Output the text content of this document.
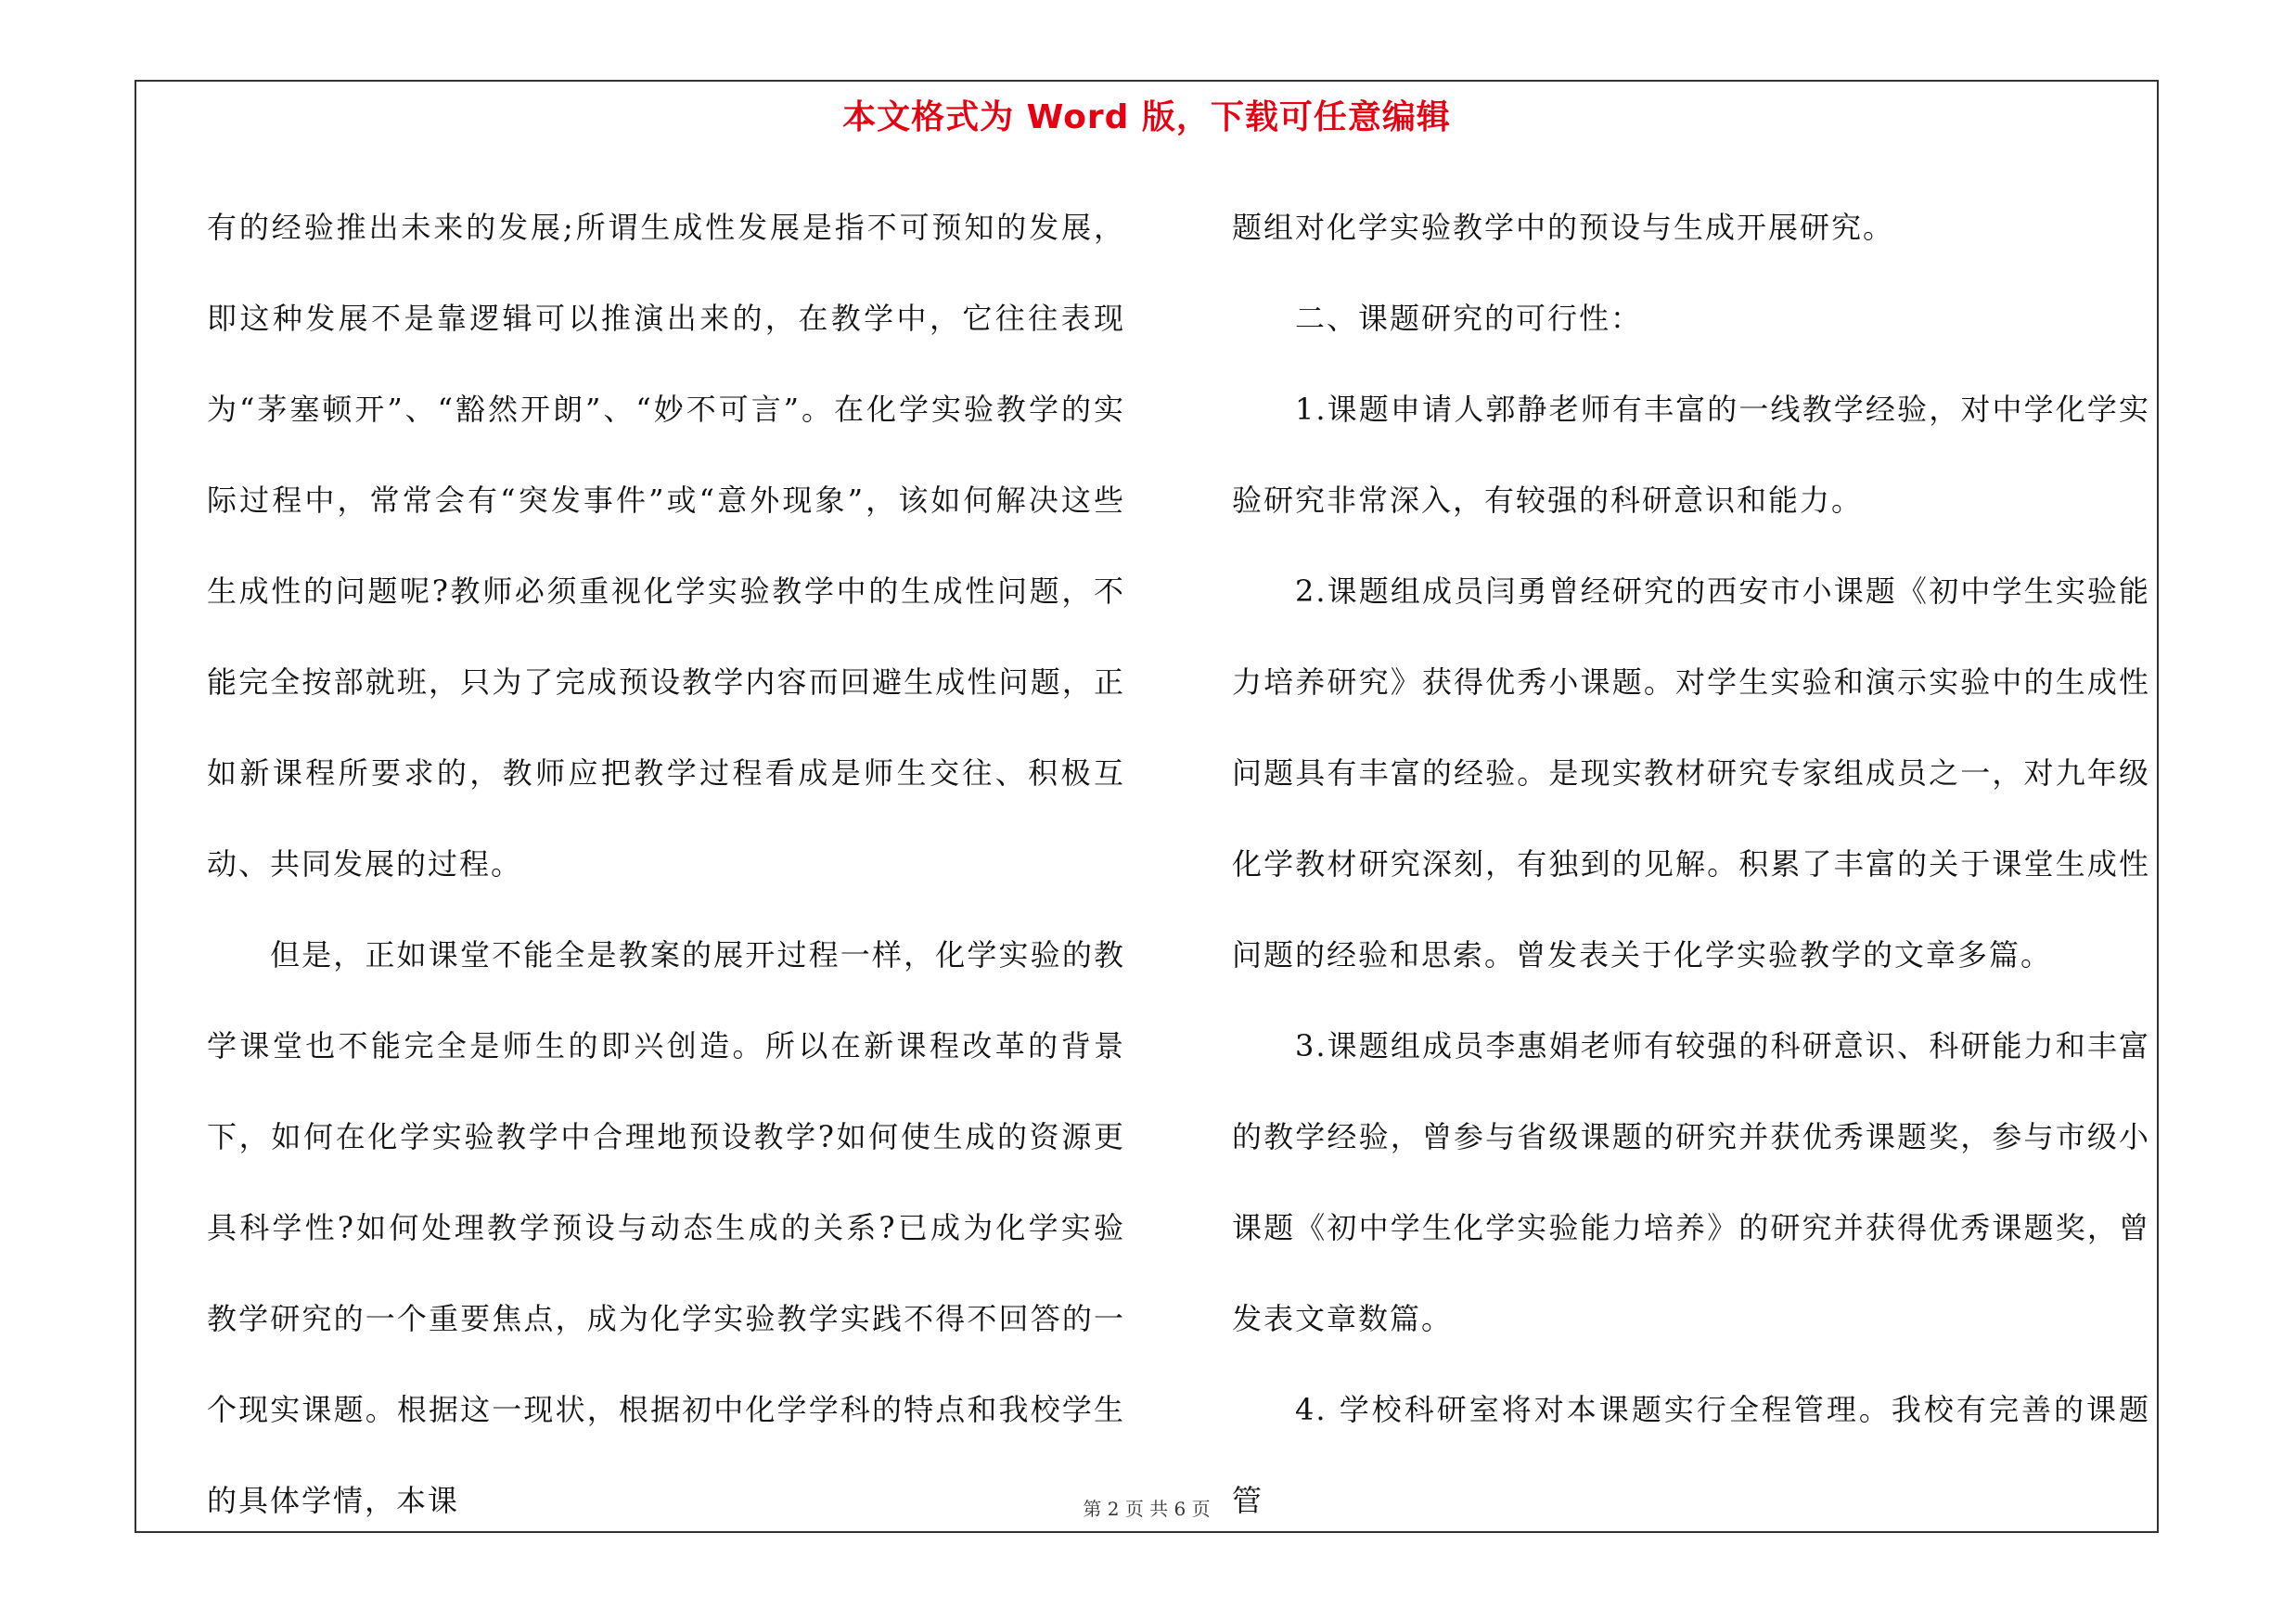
本文格式为 Word 版，下载可任意编辑

有的经验推出未来的发展;所谓生成性发展是指不可预知的发展，即这种发展不是靠逻辑可以推演出来的，在教学中，它往往表现为“茅塞顿开”、“豁然开朗”、“妙不可言”。在化学实验教学的实际过程中，常常会有“突发事件”或“意外现象”，该如何解决这些生成性的问题呢?教师必须重视化学实验教学中的生成性问题，不能完全按部就班，只为了完成预设教学内容而回避生成性问题，正如新课程所要求的，教师应把教学过程看成是师生交往、积极互动、共同发展的过程。

但是，正如课堂不能全是教案的展开过程一样，化学实验的教学课堂也不能完全是师生的即兴创造。所以在新课程改革的背景下，如何在化学实验教学中合理地预设教学?如何使生成的资源更具科学性?如何处理教学预设与动态生成的关系?已成为化学实验教学研究的一个重要焦点，成为化学实验教学实践不得不回答的一个现实课题。根据这一现状，根据初中化学学科的特点和我校学生的具体学情，本课

题组对化学实验教学中的预设与生成开展研究。

二、课题研究的可行性：

1.课题申请人郭静老师有丰富的一线教学经验，对中学化学实验研究非常深入，有较强的科研意识和能力。

2.课题组成员闫勇曾经研究的西安市小课题《初中学生实验能力培养研究》获得优秀小课题。对学生实验和演示实验中的生成性问题具有丰富的经验。是现实教材研究专家组成员之一，对九年级化学教材研究深刻，有独到的见解。积累了丰富的关于课堂生成性问题的经验和思索。曾发表关于化学实验教学的文章多篇。

3.课题组成员李惠娟老师有较强的科研意识、科研能力和丰富的教学经验，曾参与省级课题的研究并获优秀课题奖，参与市级小课题《初中学生化学实验能力培养》的研究并获得优秀课题奖，曾发表文章数篇。

4. 学校科研室将对本课题实行全程管理。我校有完善的课题管

第 2 页 共 6 页
